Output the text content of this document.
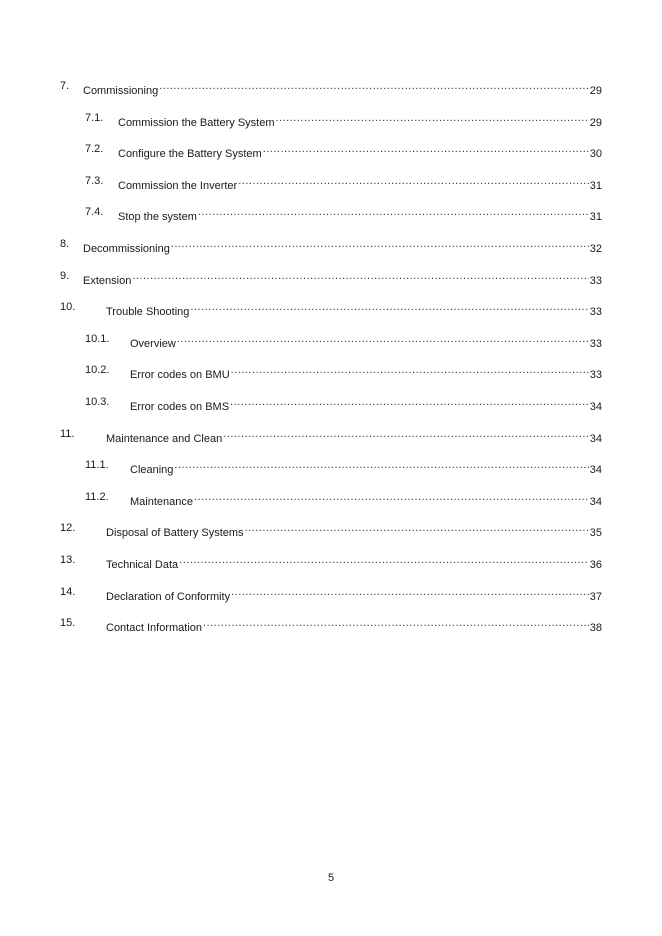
7. Commissioning .....	29
7.1. Commission the Battery System .....	29
7.2. Configure the Battery System .....	30
7.3. Commission the Inverter .....	31
7.4. Stop the system .....	31
8. Decommissioning .....	32
9. Extension .....	33
10.	Trouble Shooting .....	33
10.1. Overview .....	33
10.2. Error codes on BMU .....	33
10.3. Error codes on BMS .....	34
11.	Maintenance and Clean .....	34
11.1. Cleaning .....	34
11.2. Maintenance .....	34
12.	Disposal of Battery Systems .....	35
13.	Technical Data .....	36
14.	Declaration of Conformity .....	37
15.	Contact Information .....	38
5
